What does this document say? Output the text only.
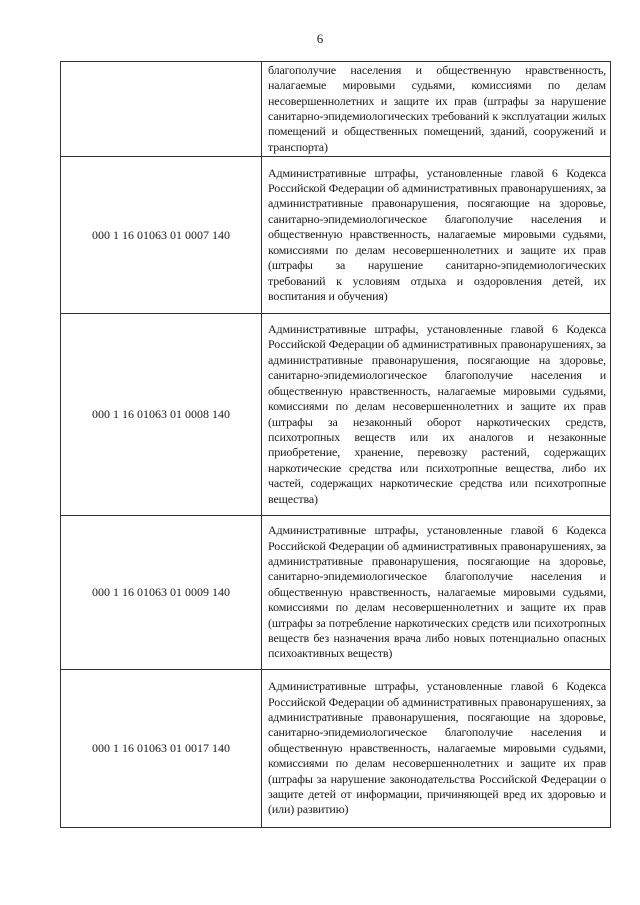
6
	благополучие населения и общественную нравственность, налагаемые мировыми судьями, комиссиями по делам несовершеннолетних и защите их прав (штрафы за нарушение санитарно-эпидемиологических требований к эксплуатации жилых помещений и общественных помещений, зданий, сооружений и транспорта)
000 1 16 01063 01 0007 140	Административные штрафы, установленные главой 6 Кодекса Российской Федерации об административных правонарушениях, за административные правонарушения, посягающие на здоровье, санитарно-эпидемиологическое благополучие населения и общественную нравственность, налагаемые мировыми судьями, комиссиями по делам несовершеннолетних и защите их прав (штрафы за нарушение санитарно-эпидемиологических требований к условиям отдыха и оздоровления детей, их воспитания и обучения)
000 1 16 01063 01 0008 140	Административные штрафы, установленные главой 6 Кодекса Российской Федерации об административных правонарушениях, за административные правонарушения, посягающие на здоровье, санитарно-эпидемиологическое благополучие населения и общественную нравственность, налагаемые мировыми судьями, комиссиями по делам несовершеннолетних и защите их прав (штрафы за незаконный оборот наркотических средств, психотропных веществ или их аналогов и незаконные приобретение, хранение, перевозку растений, содержащих наркотические средства или психотропные вещества, либо их частей, содержащих наркотические средства или психотропные вещества)
000 1 16 01063 01 0009 140	Административные штрафы, установленные главой 6 Кодекса Российской Федерации об административных правонарушениях, за административные правонарушения, посягающие на здоровье, санитарно-эпидемиологическое благополучие населения и общественную нравственность, налагаемые мировыми судьями, комиссиями по делам несовершеннолетних и защите их прав (штрафы за потребление наркотических средств или психотропных веществ без назначения врача либо новых потенциально опасных психоактивных веществ)
000 1 16 01063 01 0017 140	Административные штрафы, установленные главой 6 Кодекса Российской Федерации об административных правонарушениях, за административные правонарушения, посягающие на здоровье, санитарно-эпидемиологическое благополучие населения и общественную нравственность, налагаемые мировыми судьями, комиссиями по делам несовершеннолетних и защите их прав (штрафы за нарушение законодательства Российской Федерации о защите детей от информации, причиняющей вред их здоровью и (или) развитию)
